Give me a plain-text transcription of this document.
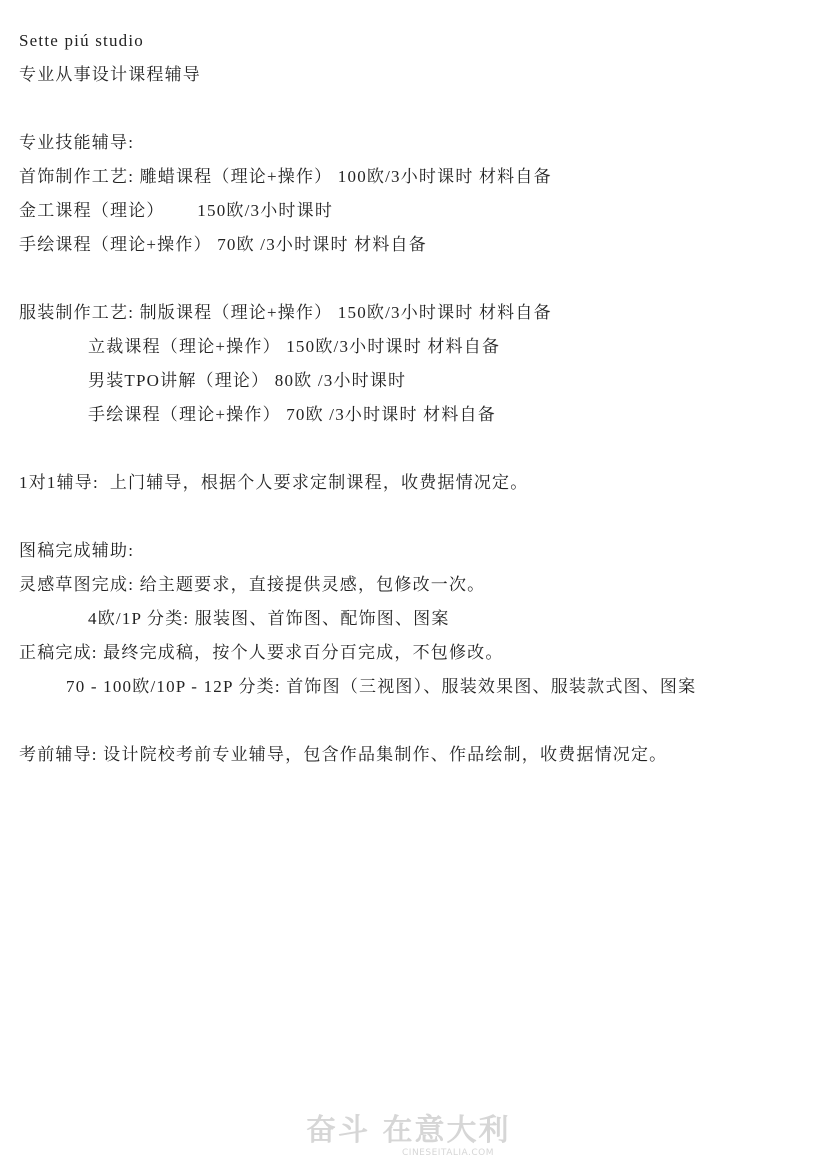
Sette piú studio
专业从事设计课程辅导
专业技能辅导:
首饰制作工艺: 雕蜡课程（理论+操作） 100欧/3小时课时 材料自备
金工课程（理论）      150欧/3小时课时
手绘课程（理论+操作） 70欧 /3小时课时 材料自备
服装制作工艺: 制版课程（理论+操作） 150欧/3小时课时 材料自备
立裁课程（理论+操作） 150欧/3小时课时 材料自备
男装TPO讲解（理论） 80欧 /3小时课时
手绘课程（理论+操作） 70欧 /3小时课时 材料自备
1对1辅导:  上门辅导，根据个人要求定制课程，收费据情况定。
图稿完成辅助:
灵感草图完成: 给主题要求，直接提供灵感，包修改一次。
4欧/1P 分类: 服装图、首饰图、配饰图、图案
正稿完成: 最终完成稿，按个人要求百分百完成，不包修改。
70 - 100欧/10P - 12P 分类: 首饰图（三视图）、服装效果图、服装款式图、图案
考前辅导: 设计院校考前专业辅导，包含作品集制作、作品绘制，收费据情况定。
奋斗 在意大利
CINESEITALIA.COM
